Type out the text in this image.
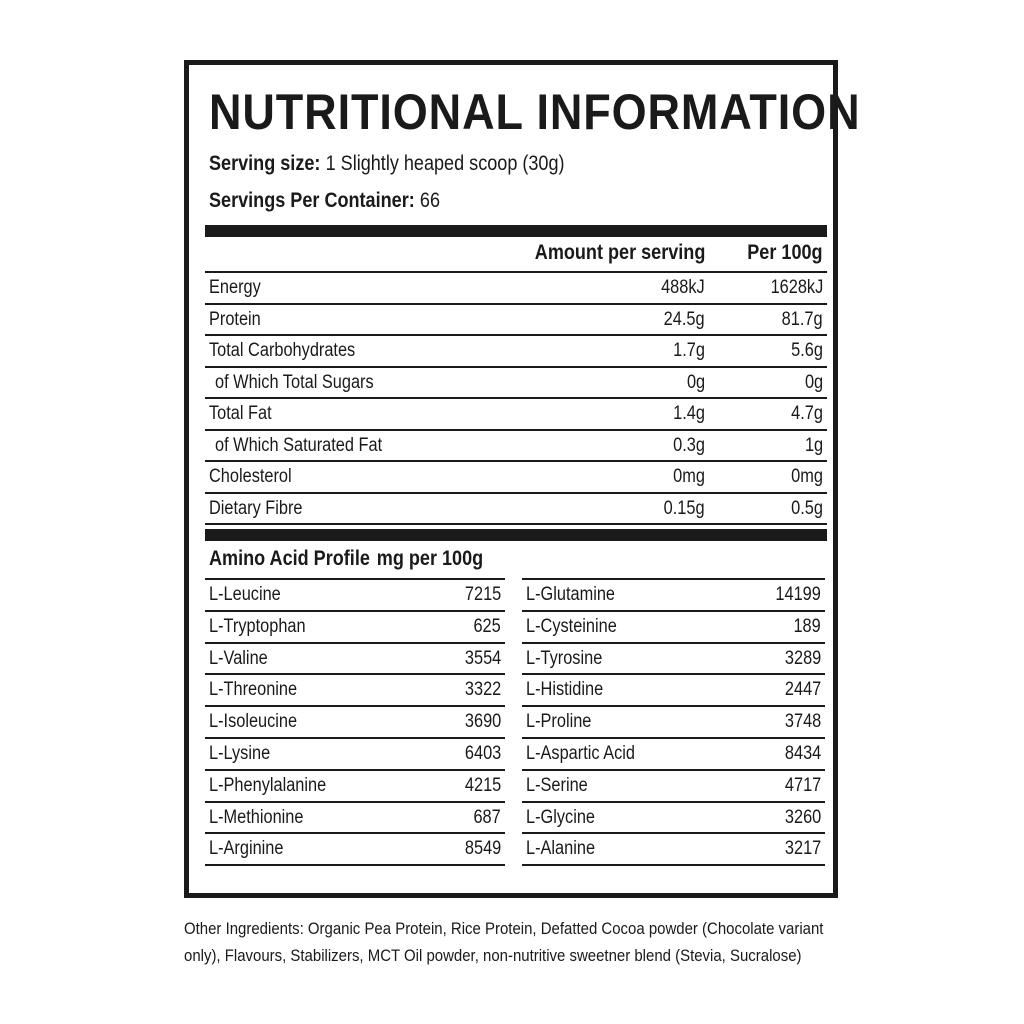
NUTRITIONAL INFORMATION
Serving size: 1 Slightly heaped scoop (30g)
Servings Per Container: 66
Amount per serving Per 100g
Energy	488kJ	1628kJ
Protein	24.5g	81.7g
Total Carbohydrates	1.7g	5.6g
of Which Total Sugars	0g	0g
Total Fat	1.4g	4.7g
of Which Saturated Fat	0.3g	1g
Cholesterol	0mg	0mg
Dietary Fibre	0.15g	0.5g
Amino Acid Profile mg per 100g
L-Leucine	7215
L-Tryptophan	625
L-Valine	3554
L-Threonine	3322
L-Isoleucine	3690
L-Lysine	6403
L-Phenylalanine	4215
L-Methionine	687
L-Arginine	8549
L-Glutamine	14199
L-Cysteinine	189
L-Tyrosine	3289
L-Histidine	2447
L-Proline	3748
L-Aspartic Acid	8434
L-Serine	4717
L-Glycine	3260
L-Alanine	3217
Other Ingredients: Organic Pea Protein, Rice Protein, Defatted Cocoa powder (Chocolate variant
only), Flavours, Stabilizers, MCT Oil powder, non-nutritive sweetner blend (Stevia, Sucralose)
